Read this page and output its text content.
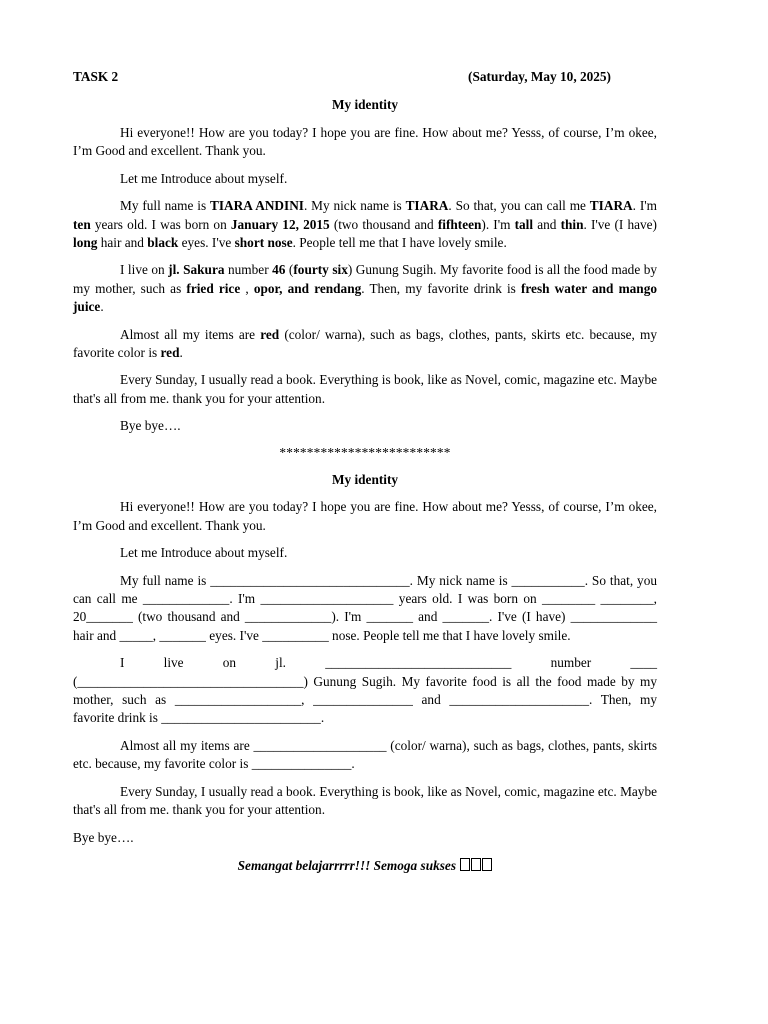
TASK 2	(Saturday, May 10, 2025)
My identity

Hi everyone!! How are you today? I hope you are fine. How about me? Yesss, of course, I’m okee, I’m Good and excellent. Thank you.

Let me Introduce about myself.

My full name is TIARA ANDINI. My nick name is TIARA. So that, you can call me TIARA. I'm ten years old. I was born on January 12, 2015 (two thousand and fifhteen). I'm tall and thin. I've (I have) long hair and black eyes. I've short nose. People tell me that I have lovely smile.

I live on jl. Sakura number 46 (fourty six) Gunung Sugih. My favorite food is all the food made by my mother, such as fried rice , opor, and rendang. Then, my favorite drink is fresh water and mango juice.

Almost all my items are red (color/ warna), such as bags, clothes, pants, skirts etc. because, my favorite color is red.

Every Sunday, I usually read a book. Everything is book, like as Novel, comic, magazine etc. Maybe that's all from me. thank you for your attention.

Bye bye….

*************************
My identity

Hi everyone!! How are you today? I hope you are fine. How about me? Yesss, of course, I’m okee, I’m Good and excellent. Thank you.

Let me Introduce about myself.

My full name is ______________________________. My nick name is ___________. So that, you can call me _____________. I'm ____________________ years old. I was born on ________ ________, 20_______ (two thousand and _____________). I'm _______ and _______. I've (I have) _____________ hair and _____, _______ eyes. I've __________ nose. People tell me that I have lovely smile.

I live on jl. ____________________________ number ____ (__________________________________) Gunung Sugih. My favorite food is all the food made by my mother, such as ___________________, _______________ and _____________________. Then, my favorite drink is ________________________.

Almost all my items are ____________________ (color/ warna), such as bags, clothes, pants, skirts etc. because, my favorite color is _______________.

Every Sunday, I usually read a book. Everything is book, like as Novel, comic, magazine etc. Maybe that's all from me. thank you for your attention.

Bye bye….

Semangat belajarrrrr!!! Semoga sukses
